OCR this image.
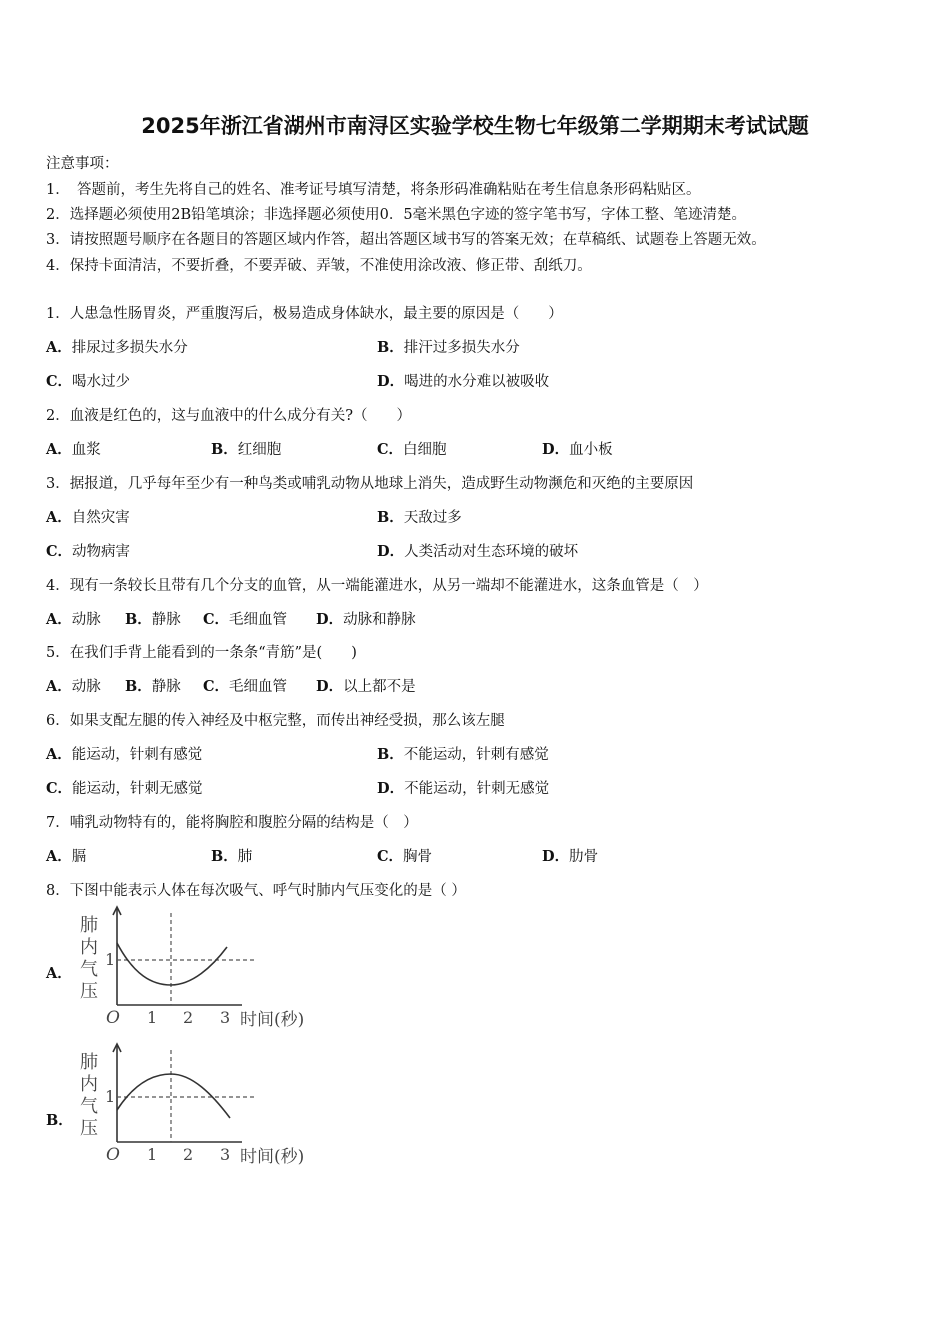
2025年浙江省湖州市南浔区实验学校生物七年级第二学期期末考试试题
注意事项：
1．　答题前，考生先将自己的姓名、准考证号填写清楚，将条形码准确粘贴在考生信息条形码粘贴区。
2．选择题必须使用2B铅笔填涂；非选择题必须使用0．5毫米黑色字迹的签字笔书写，字体工整、笔迹清楚。
3．请按照题号顺序在各题目的答题区域内作答，超出答题区域书写的答案无效；在草稿纸、试题卷上答题无效。
4．保持卡面清洁，不要折叠，不要弄破、弄皱，不准使用涂改液、修正带、刮纸刀。
1．人患急性肠胃炎，严重腹泻后，极易造成身体缺水，最主要的原因是（　　）
A．排尿过多损失水分	B．排汗过多损失水分
C．喝水过少	D．喝进的水分难以被吸收
2．血液是红色的，这与血液中的什么成分有关?（　　）
A．血浆	B．红细胞	C．白细胞	D．血小板
3．据报道，几乎每年至少有一种鸟类或哺乳动物从地球上消失，造成野生动物濒危和灭绝的主要原因
A．自然灾害	B．天敌过多
C．动物病害	D．人类活动对生态环境的破坏
4．现有一条较长且带有几个分支的血管，从一端能灌进水，从另一端却不能灌进水，这条血管是（　）
A．动脉 B．静脉 C．毛细血管 D．动脉和静脉
5．在我们手背上能看到的一条条“青筋”是(　　)
A．动脉 B．静脉 C．毛细血管 D．以上都不是
6．如果支配左腿的传入神经及中枢完整，而传出神经受损，那么该左腿
A．能运动，针刺有感觉	B．不能运动，针刺有感觉
C．能运动，针刺无感觉	D．不能运动，针刺无感觉
7．哺乳动物特有的，能将胸腔和腹腔分隔的结构是（　）
A．膈	B．肺	C．胸骨	D．肋骨
8．下图中能表示人体在每次吸气、呼气时肺内气压变化的是（ ）
A．
肺
内
气
压
1
O 1 2 3 时间(秒)
B．
肺
内
气
压
1
O 1 2 3 时间(秒)
